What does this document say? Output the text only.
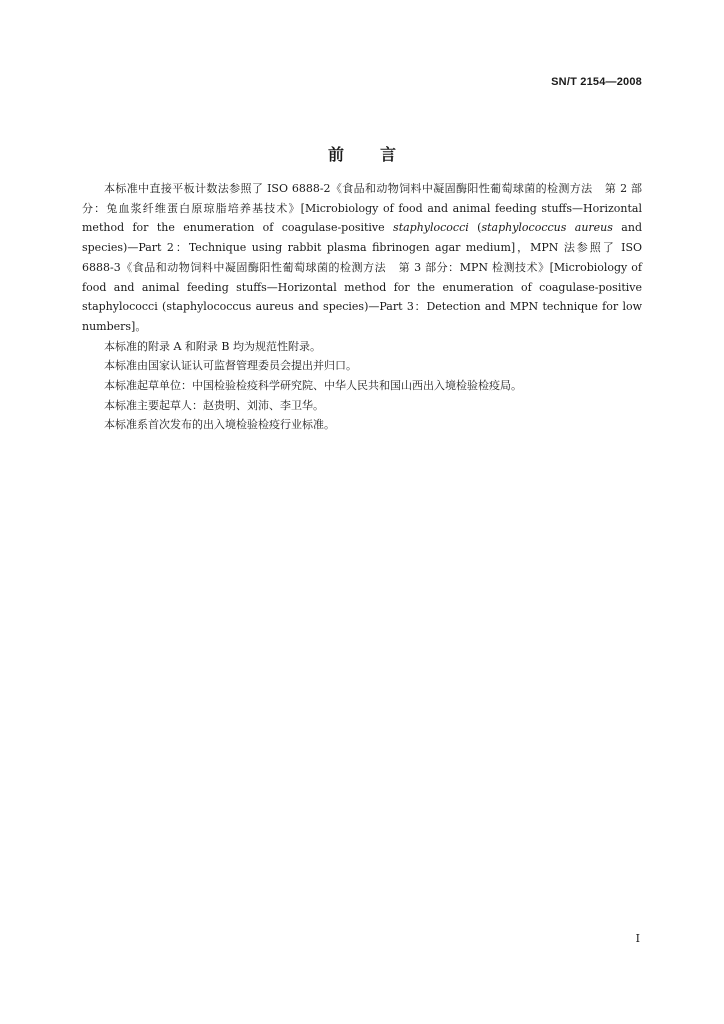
SN/T 2154—2008
前言

本标准中直接平板计数法参照了 ISO 6888-2《食品和动物饲料中凝固酶阳性葡萄球菌的检测方法 第 2 部分：兔血浆纤维蛋白原琼脂培养基技术》[Microbiology of food and animal feeding stuffs—Horizontal method for the enumeration of coagulase-positive staphylococci (staphylococcus aureus and species)—Part 2：Technique using rabbit plasma fibrinogen agar medium]，MPN 法参照了 ISO 6888-3《食品和动物饲料中凝固酶阳性葡萄球菌的检测方法 第 3 部分：MPN 检测技术》[Microbiology of food and animal feeding stuffs—Horizontal method for the enumeration of coagulase-positive staphylococci (staphylococcus aureus and species)—Part 3：Detection and MPN technique for low numbers]。

本标准的附录 A 和附录 B 均为规范性附录。

本标准由国家认证认可监督管理委员会提出并归口。

本标准起草单位：中国检验检疫科学研究院、中华人民共和国山西出入境检验检疫局。

本标准主要起草人：赵贵明、刘沛、李卫华。

本标准系首次发布的出入境检验检疫行业标准。

I
